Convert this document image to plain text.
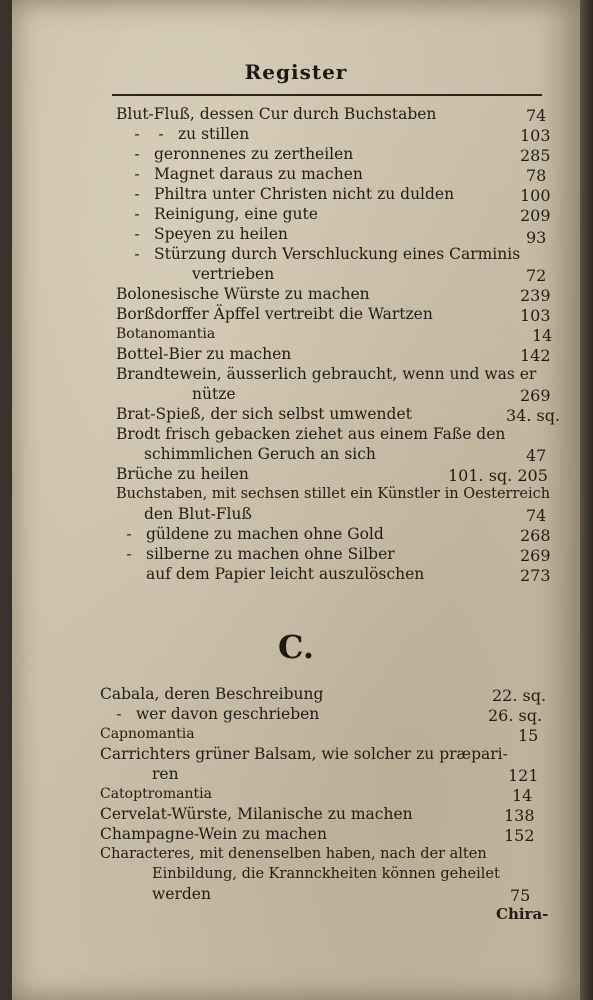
Register
Blut-Fluß, dessen Cur durch Buchstaben	74
- - zu stillen	103
- geronnenes zu zertheilen	285
- Magnet daraus zu machen	78
- Philtra unter Christen nicht zu dulden	100
- Reinigung, eine gute	209
- Speyen zu heilen	93
- Stürzung durch Verschluckung eines Carminis
vertrieben	72
Bolonesische Würste zu machen	239
Borßdorffer Äpffel vertreibt die Wartzen	103
Botanomantia	14
Bottel-Bier zu machen	142
Brandtewein, äusserlich gebraucht, wenn und was er
nütze	269
Brat-Spieß, der sich selbst umwendet	34. sq.
Brodt frisch gebacken ziehet aus einem Faße den
schimmlichen Geruch an sich	47
Brüche zu heilen	101. sq. 205
Buchstaben, mit sechsen stillet ein Künstler in Oesterreich
den Blut-Fluß	74
- güldene zu machen ohne Gold	268
- silberne zu machen ohne Silber	269
auf dem Papier leicht auszulöschen	273
C.
Cabala, deren Beschreibung	22. sq.
- wer davon geschrieben	26. sq.
Capnomantia	15
Carrichters grüner Balsam, wie solcher zu præpari-
ren	121
Catoptromantia	14
Cervelat-Würste, Milanische zu machen	138
Champagne-Wein zu machen	152
Characteres, mit denenselben haben, nach der alten
Einbildung, die Krannckheiten können geheilet
werden	75
Chira-
